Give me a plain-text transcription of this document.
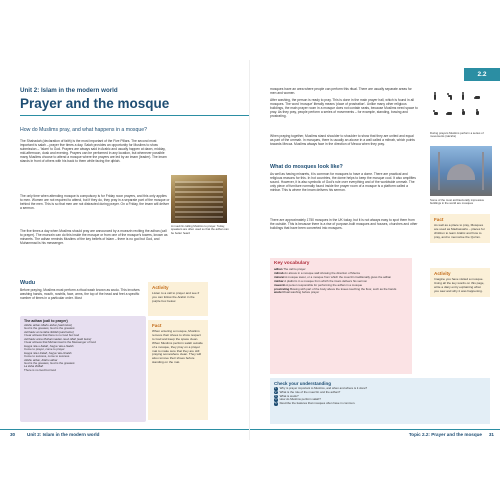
Unit 2: Islam in the modern world
Prayer and the mosque
How do Muslims pray, and what happens in a mosque?

The Shahadah (declaration of faith) is the most important of the Five Pillars. The second most important is salah – prayer five times a day. Salah provides an opportunity for Muslims to show submission – 'Islam' to God. Prayers are always said in Arabic and usually happen at dawn, midday, mid-afternoon, dusk and evening. Prayers can be performed in any location, but whenever possible many Muslims choose to attend a mosque where the prayers are led by an imam (leader). The imam stands in front of others with his back to them while facing the qiblah.

The only time when attending mosque is compulsory is for Friday noon prayers, and this only applies to men. Women are not required to attend, but if they do, they pray in a separate part of the mosque or behind the men. This is so that men are not distracted during prayer. On a Friday, the imam will deliver a sermon.

The five times a day when Muslims should pray are announced by a muezzin reciting the adhan (call to prayer). The muezzin can do this inside the mosque or from one of the mosque's towers, known as minarets. The adhan reminds Muslims of the key beliefs of Islam – there is no god but God, and Muhammad is his messenger.

A muezzin calling Muslims to prayer. Today, speakers are often used so that the adhan can be better heard
Wudu

Before praying, Muslims must perform a ritual wash known as wudu. This involves washing hands, mouth, nostrils, face, arms, the top of the head and feet a specific number of times in a particular order. Most

The adhan (call to prayer)
Allahu akbar Allahu akbar [said twice]
God is the greatest, God is the greatest
Ashhadu an la ilaha illAllah [said twice]
I bear witness that there is no God but God
Ashhadu anna Muhammadan rasul Allah [said twice]
I bear witness that Muhammad is the Messenger of God
Hayya 'ala-s-Salah, hayya 'ala-s-Salah
Come to prayer, come to prayer
Hayya 'ala-l-Falah, hayya 'ala-l-Falah
Come to success, come to success
Allahu akbar, Allahu akbar
God is the greatest, God is the greatest
La ilaha illAllah
There is no God but God
Activity
Listen to a call to prayer and see if you can follow the Arabic in the purple box below.
Fact
When entering a mosque, Muslims remove their shoes to show respect to God and keep the space clean. When Muslims perform salah outside of a mosque, they pray on a prayer mat to make sure that they are still praying somewhere clean. They will also remove their shoes before standing on the mat.
30	Unit 2: Islam in the modern world
2.2

mosques have an area where people can perform this ritual. There are usually separate areas for men and women.

After washing, the person is ready to pray. This is done in the main prayer hall, which is found in all mosques. The word 'mosque' literally means 'place of prostration'. Unlike many other religious buildings, the main prayer room in a mosque does not contain seats, because Muslims need space to pray. As they pray, people perform a series of movements – for example, standing, bowing and prostrating.

When praying together, Muslims stand shoulder to shoulder to show that they are united and equal as part of the ummah. In mosques, there is usually an alcove in a wall called a mihrab, which points towards Mecca. Muslims always face in the direction of Mecca when they pray.

What do mosques look like?

As well as having minarets, it is common for mosques to have a dome. There are practical and religious reasons for this. In hot countries, the dome helps to keep the mosque cool. It also amplifies sound. However, it is also symbolic of God's rule over everything and of the worldwide ummah. The only piece of furniture normally found inside the prayer room of a mosque is a platform called a minbar. This is where the imam delivers his sermon.

There are approximately 1750 mosques in the UK today, but it is not always easy to spot them from the outside. This is because there is a rise of purpose-built mosques and houses, churches and other buildings that have been converted into mosques.

During prayers Muslims perform a series of movements (rak'ahs)
Some of the most architecturally impressive buildings in the world are mosques
Fact
As well as a place to pray, Mosques are used as Madrassahs – places for children to learn Arabic and how to pray, and to memorise the Qur'an.
Activity
Imagine you have visited a mosque. Using all the key words on this page, write a diary entry explaining what you saw and why it was happening.
Key vocabulary
adhan The call to prayer
mihrab An alcove in a mosque wall showing the direction of Mecca
minaret A mosque tower, or a mosque from which the muezzin traditionally gives the adhan
minbar A platform in a mosque from which the imam delivers his sermon
muezzin A person responsible for performing the adhan in a mosque
prostrating Bowing with part of the body above the knees touching the floor, such as the hands
wudu Ritual washing before prayer
Check your understanding
1 Why is prayer important to Muslims, and when and where is it done?
2 What is the role of the muezzin and the adhan?
3 What is wudu?
4 How do Muslims perform salah?
5 Describe the features that mosques often have in common.
Topic 2.2: Prayer and the mosque 31
